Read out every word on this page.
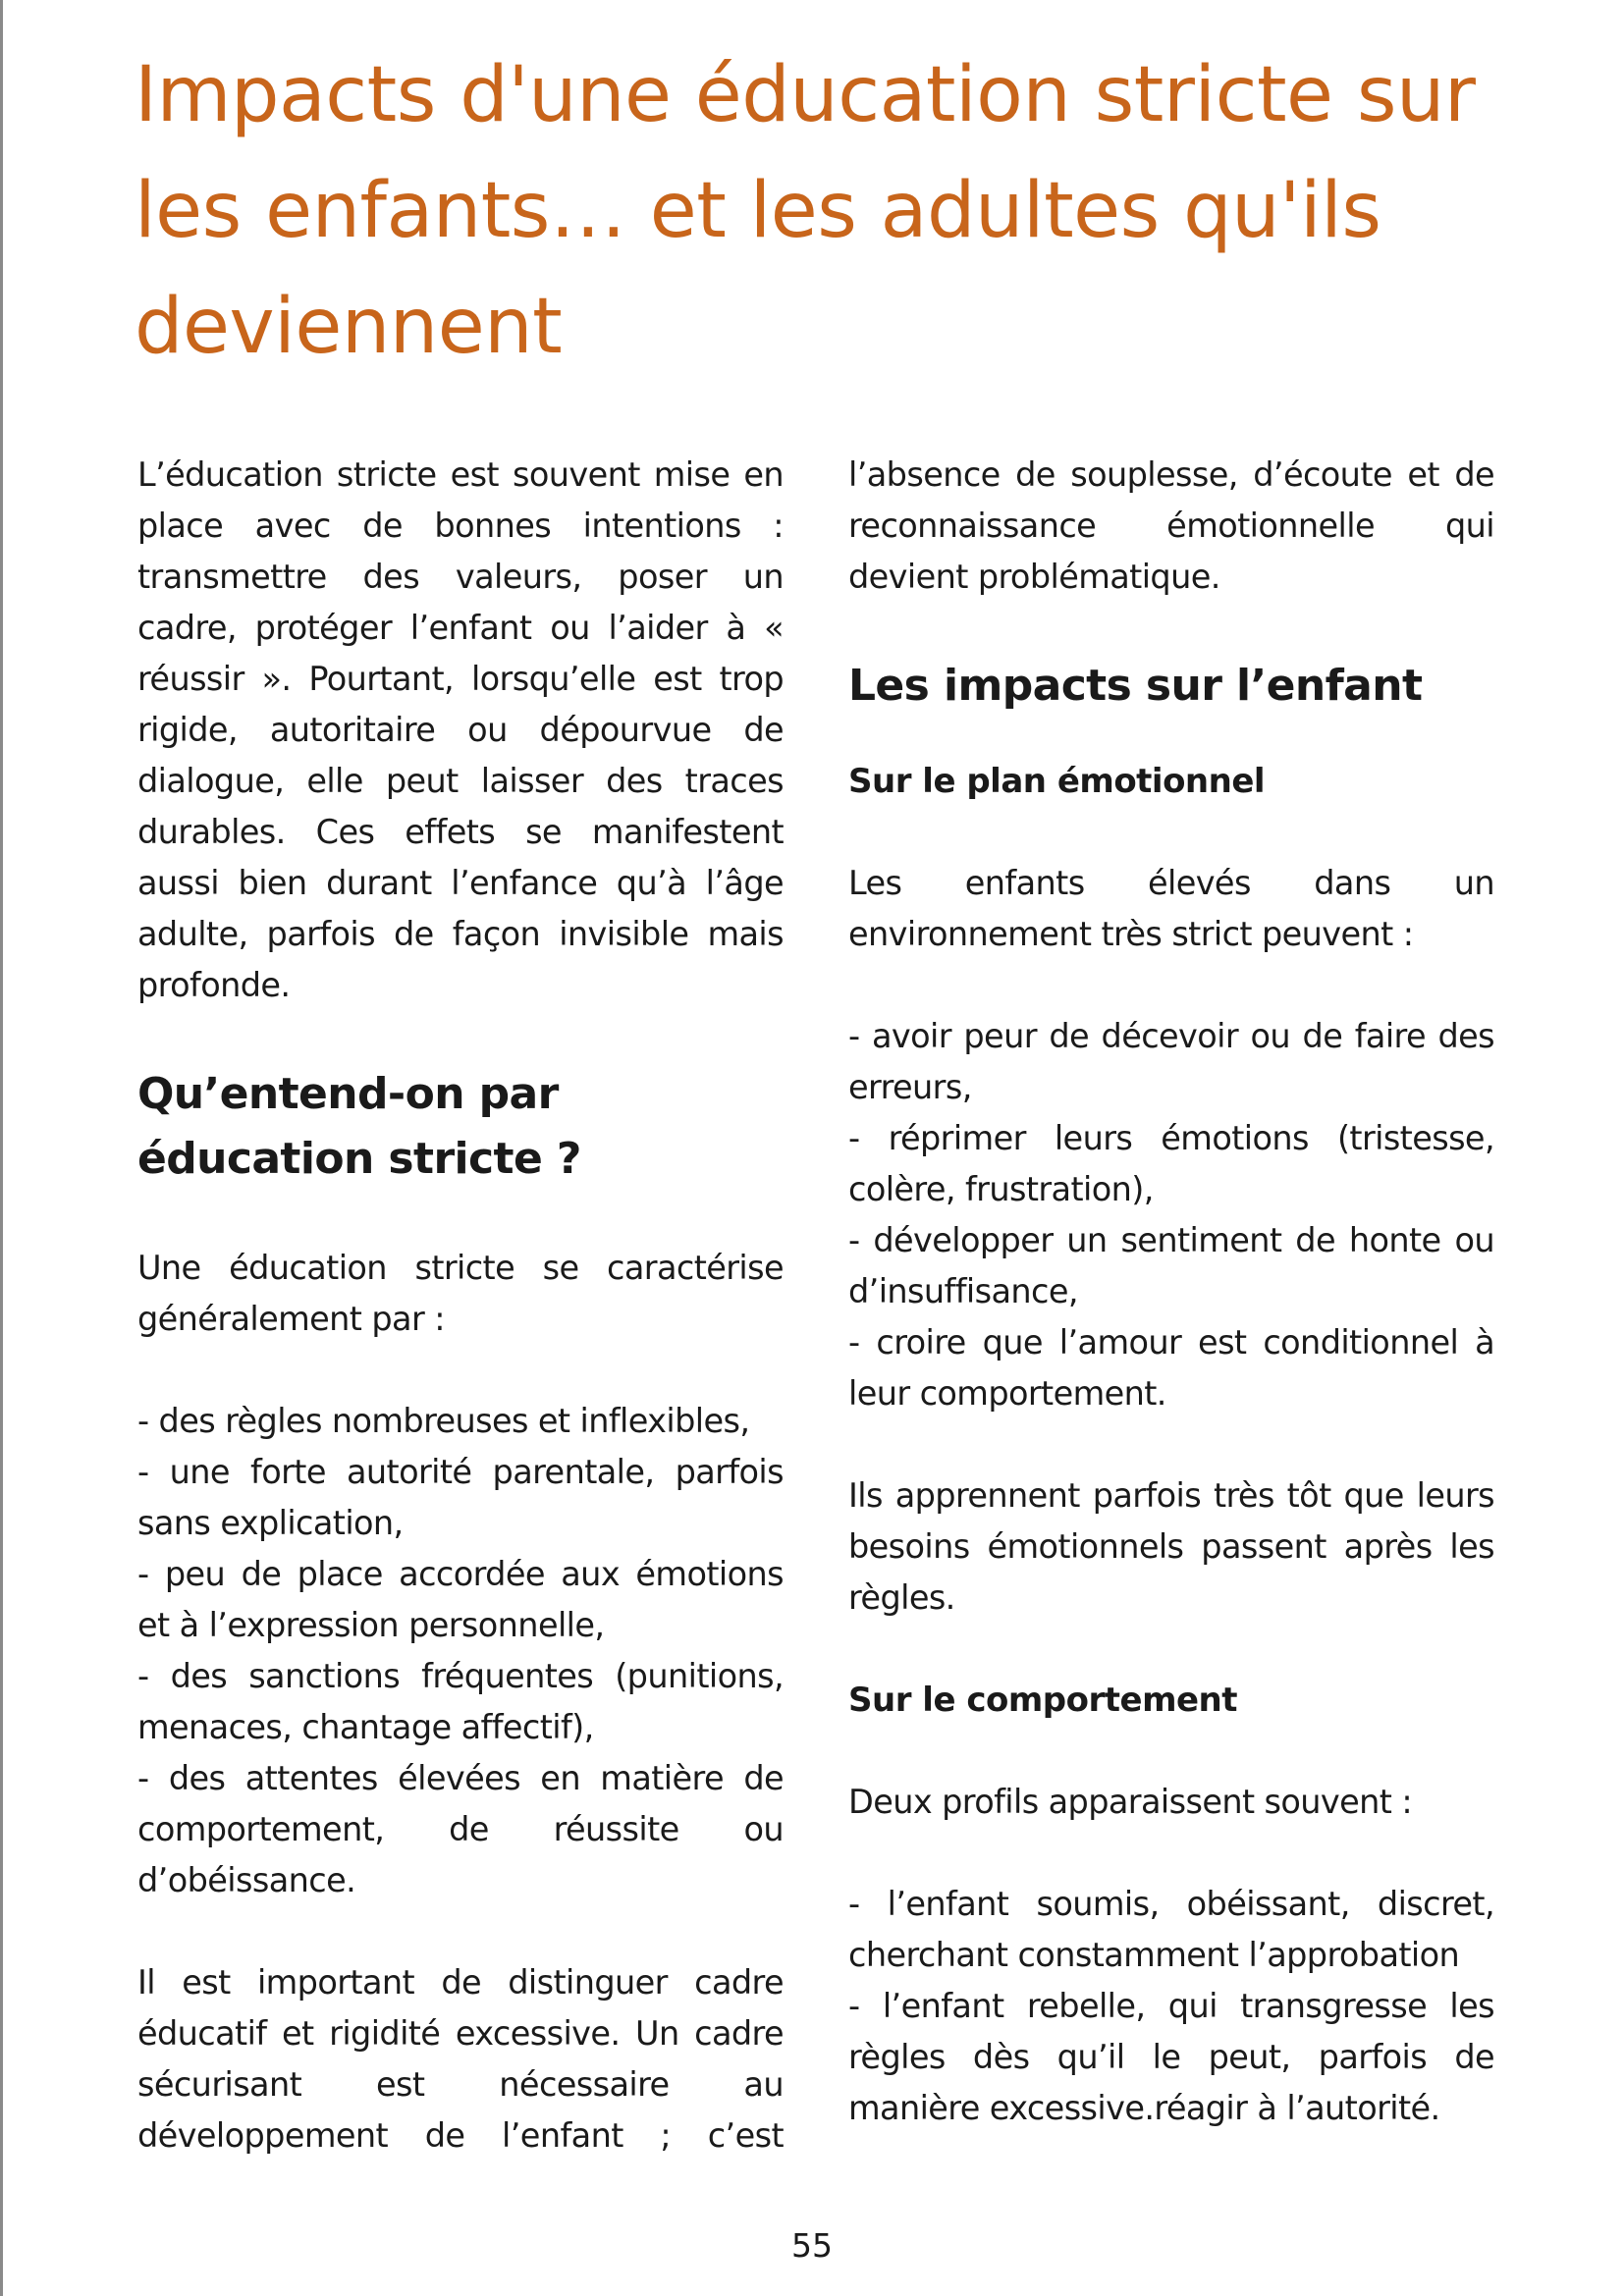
Impacts d'une éducation stricte sur les enfants… et les adultes qu'ils deviennent

L’éducation stricte est souvent mise en place avec de bonnes intentions : transmettre des valeurs, poser un cadre, protéger l’enfant ou l’aider à « réussir ». Pourtant, lorsqu’elle est trop rigide, autoritaire ou dépourvue de dialogue, elle peut laisser des traces durables. Ces effets se manifestent aussi bien durant l’enfance qu’à l’âge adulte, parfois de façon invisible mais profonde.

Qu’entend-on par
éducation stricte ?

Une éducation stricte se caractérise généralement par :

- des règles nombreuses et inflexibles,

- une forte autorité parentale, parfois sans explication,

- peu de place accordée aux émotions et à l’expression personnelle,

- des sanctions fréquentes (punitions, menaces, chantage affectif),

- des attentes élevées en matière de comportement, de réussite ou d’obéissance.

Il est important de distinguer cadre éducatif et rigidité excessive. Un cadre sécurisant est nécessaire au développement de l’enfant ; c’est

l’absence de souplesse, d’écoute et de reconnaissance émotionnelle qui devient problématique.

Les impacts sur l’enfant
Sur le plan émotionnel

Les enfants élevés dans un environnement très strict peuvent :

- avoir peur de décevoir ou de faire des erreurs,

- réprimer leurs émotions (tristesse, colère, frustration),

- développer un sentiment de honte ou d’insuffisance,

- croire que l’amour est conditionnel à leur comportement.

Ils apprennent parfois très tôt que leurs besoins émotionnels passent après les règles.

Sur le comportement

Deux profils apparaissent souvent :

- l’enfant soumis, obéissant, discret, cherchant constamment l’approbation

- l’enfant rebelle, qui transgresse les règles dès qu’il le peut, parfois de manière excessive.réagir à l’autorité.

55
